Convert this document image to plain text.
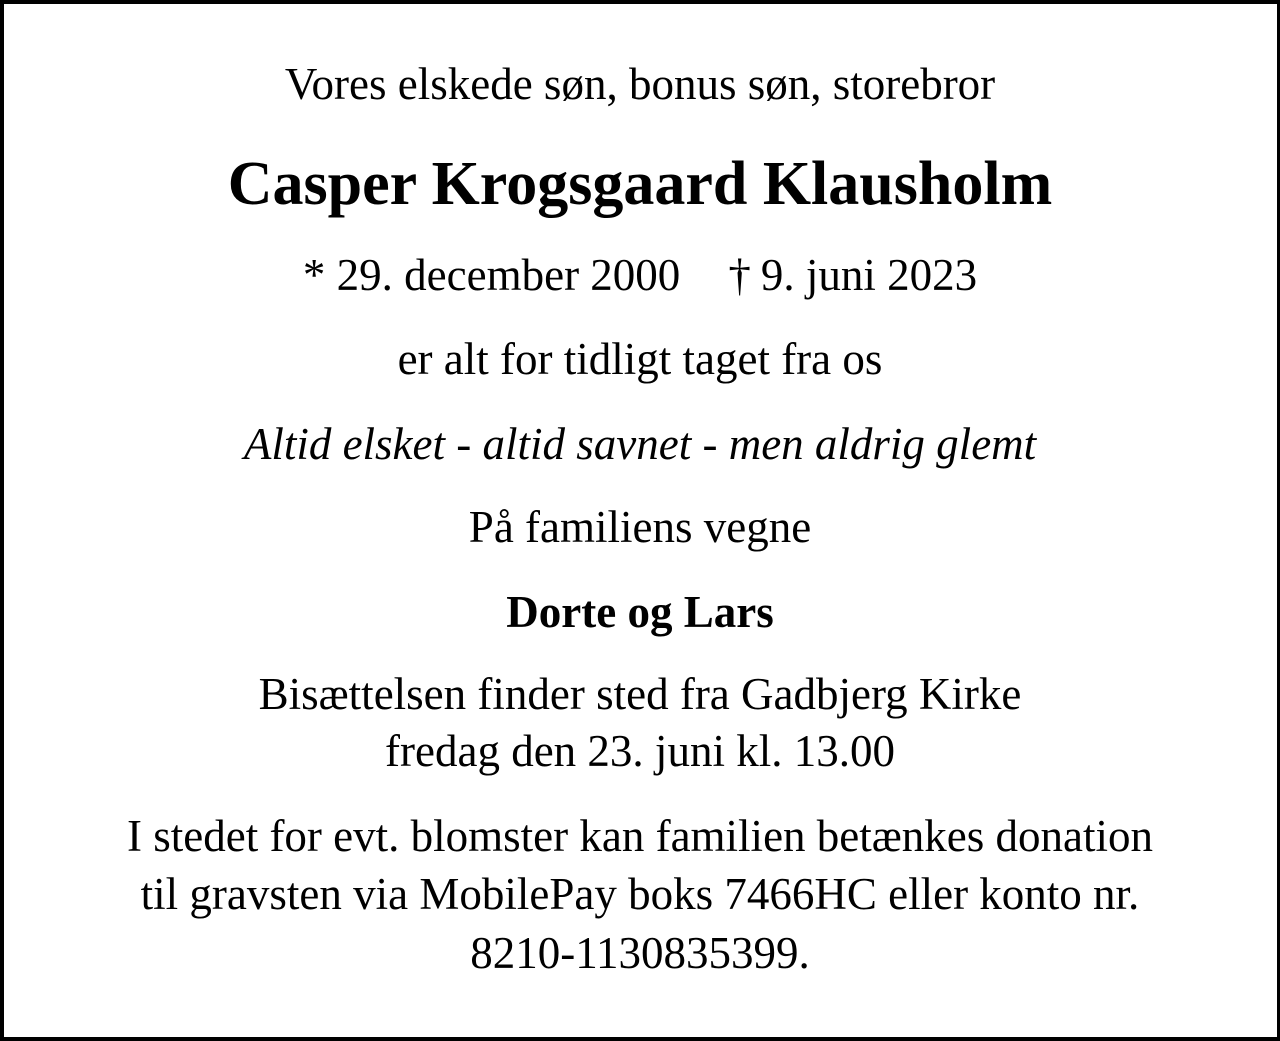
Vores elskede søn, bonus søn, storebror
Casper Krogsgaard Klausholm
* 29. december 2000 † 9. juni 2023
er alt for tidligt taget fra os
Altid elsket - altid savnet - men aldrig glemt
På familiens vegne
Dorte og Lars
Bisættelsen finder sted fra Gadbjerg Kirke
fredag den 23. juni kl. 13.00
I stedet for evt. blomster kan familien betænkes donation
til gravsten via MobilePay boks 7466HC eller konto nr.
8210-1130835399.
